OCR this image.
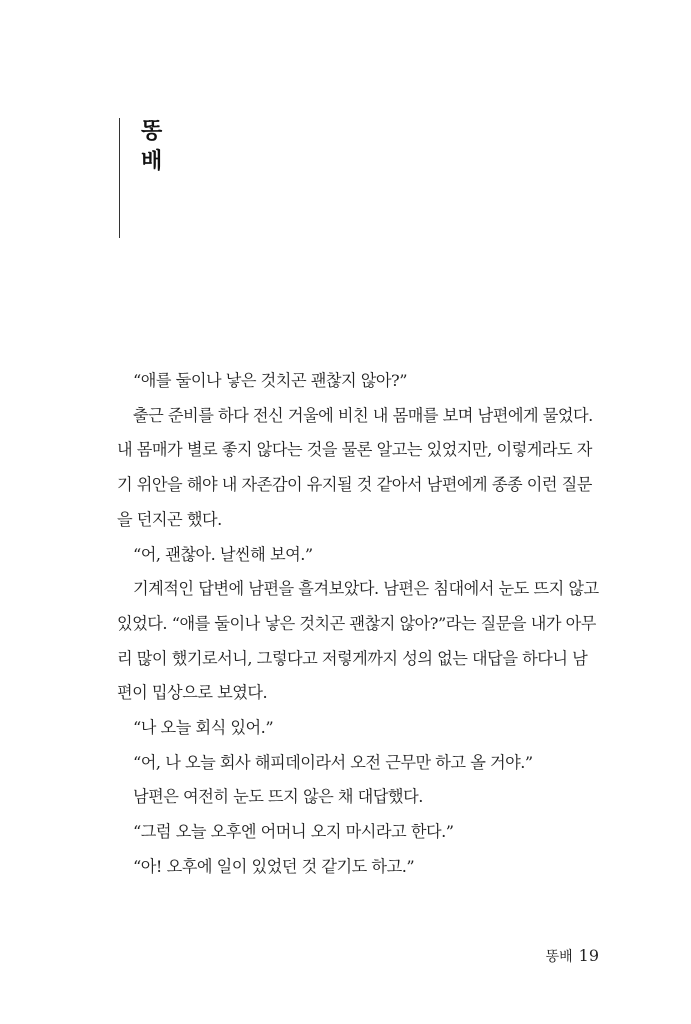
똥
배
“애를 둘이나 낳은 것치곤 괜찮지 않아?”
출근 준비를 하다 전신 거울에 비친 내 몸매를 보며 남편에게 물었다.
내 몸매가 별로 좋지 않다는 것을 물론 알고는 있었지만, 이렇게라도 자
기 위안을 해야 내 자존감이 유지될 것 같아서 남편에게 종종 이런 질문
을 던지곤 했다.
“어, 괜찮아. 날씬해 보여.”
기계적인 답변에 남편을 흘겨보았다. 남편은 침대에서 눈도 뜨지 않고
있었다. “애를 둘이나 낳은 것치곤 괜찮지 않아?”라는 질문을 내가 아무
리 많이 했기로서니, 그렇다고 저렇게까지 성의 없는 대답을 하다니 남
편이 밉상으로 보였다.
“나 오늘 회식 있어.”
“어, 나 오늘 회사 해피데이라서 오전 근무만 하고 올 거야.”
남편은 여전히 눈도 뜨지 않은 채 대답했다.
“그럼 오늘 오후엔 어머니 오지 마시라고 한다.”
“아! 오후에 일이 있었던 것 같기도 하고.”
똥배 19
